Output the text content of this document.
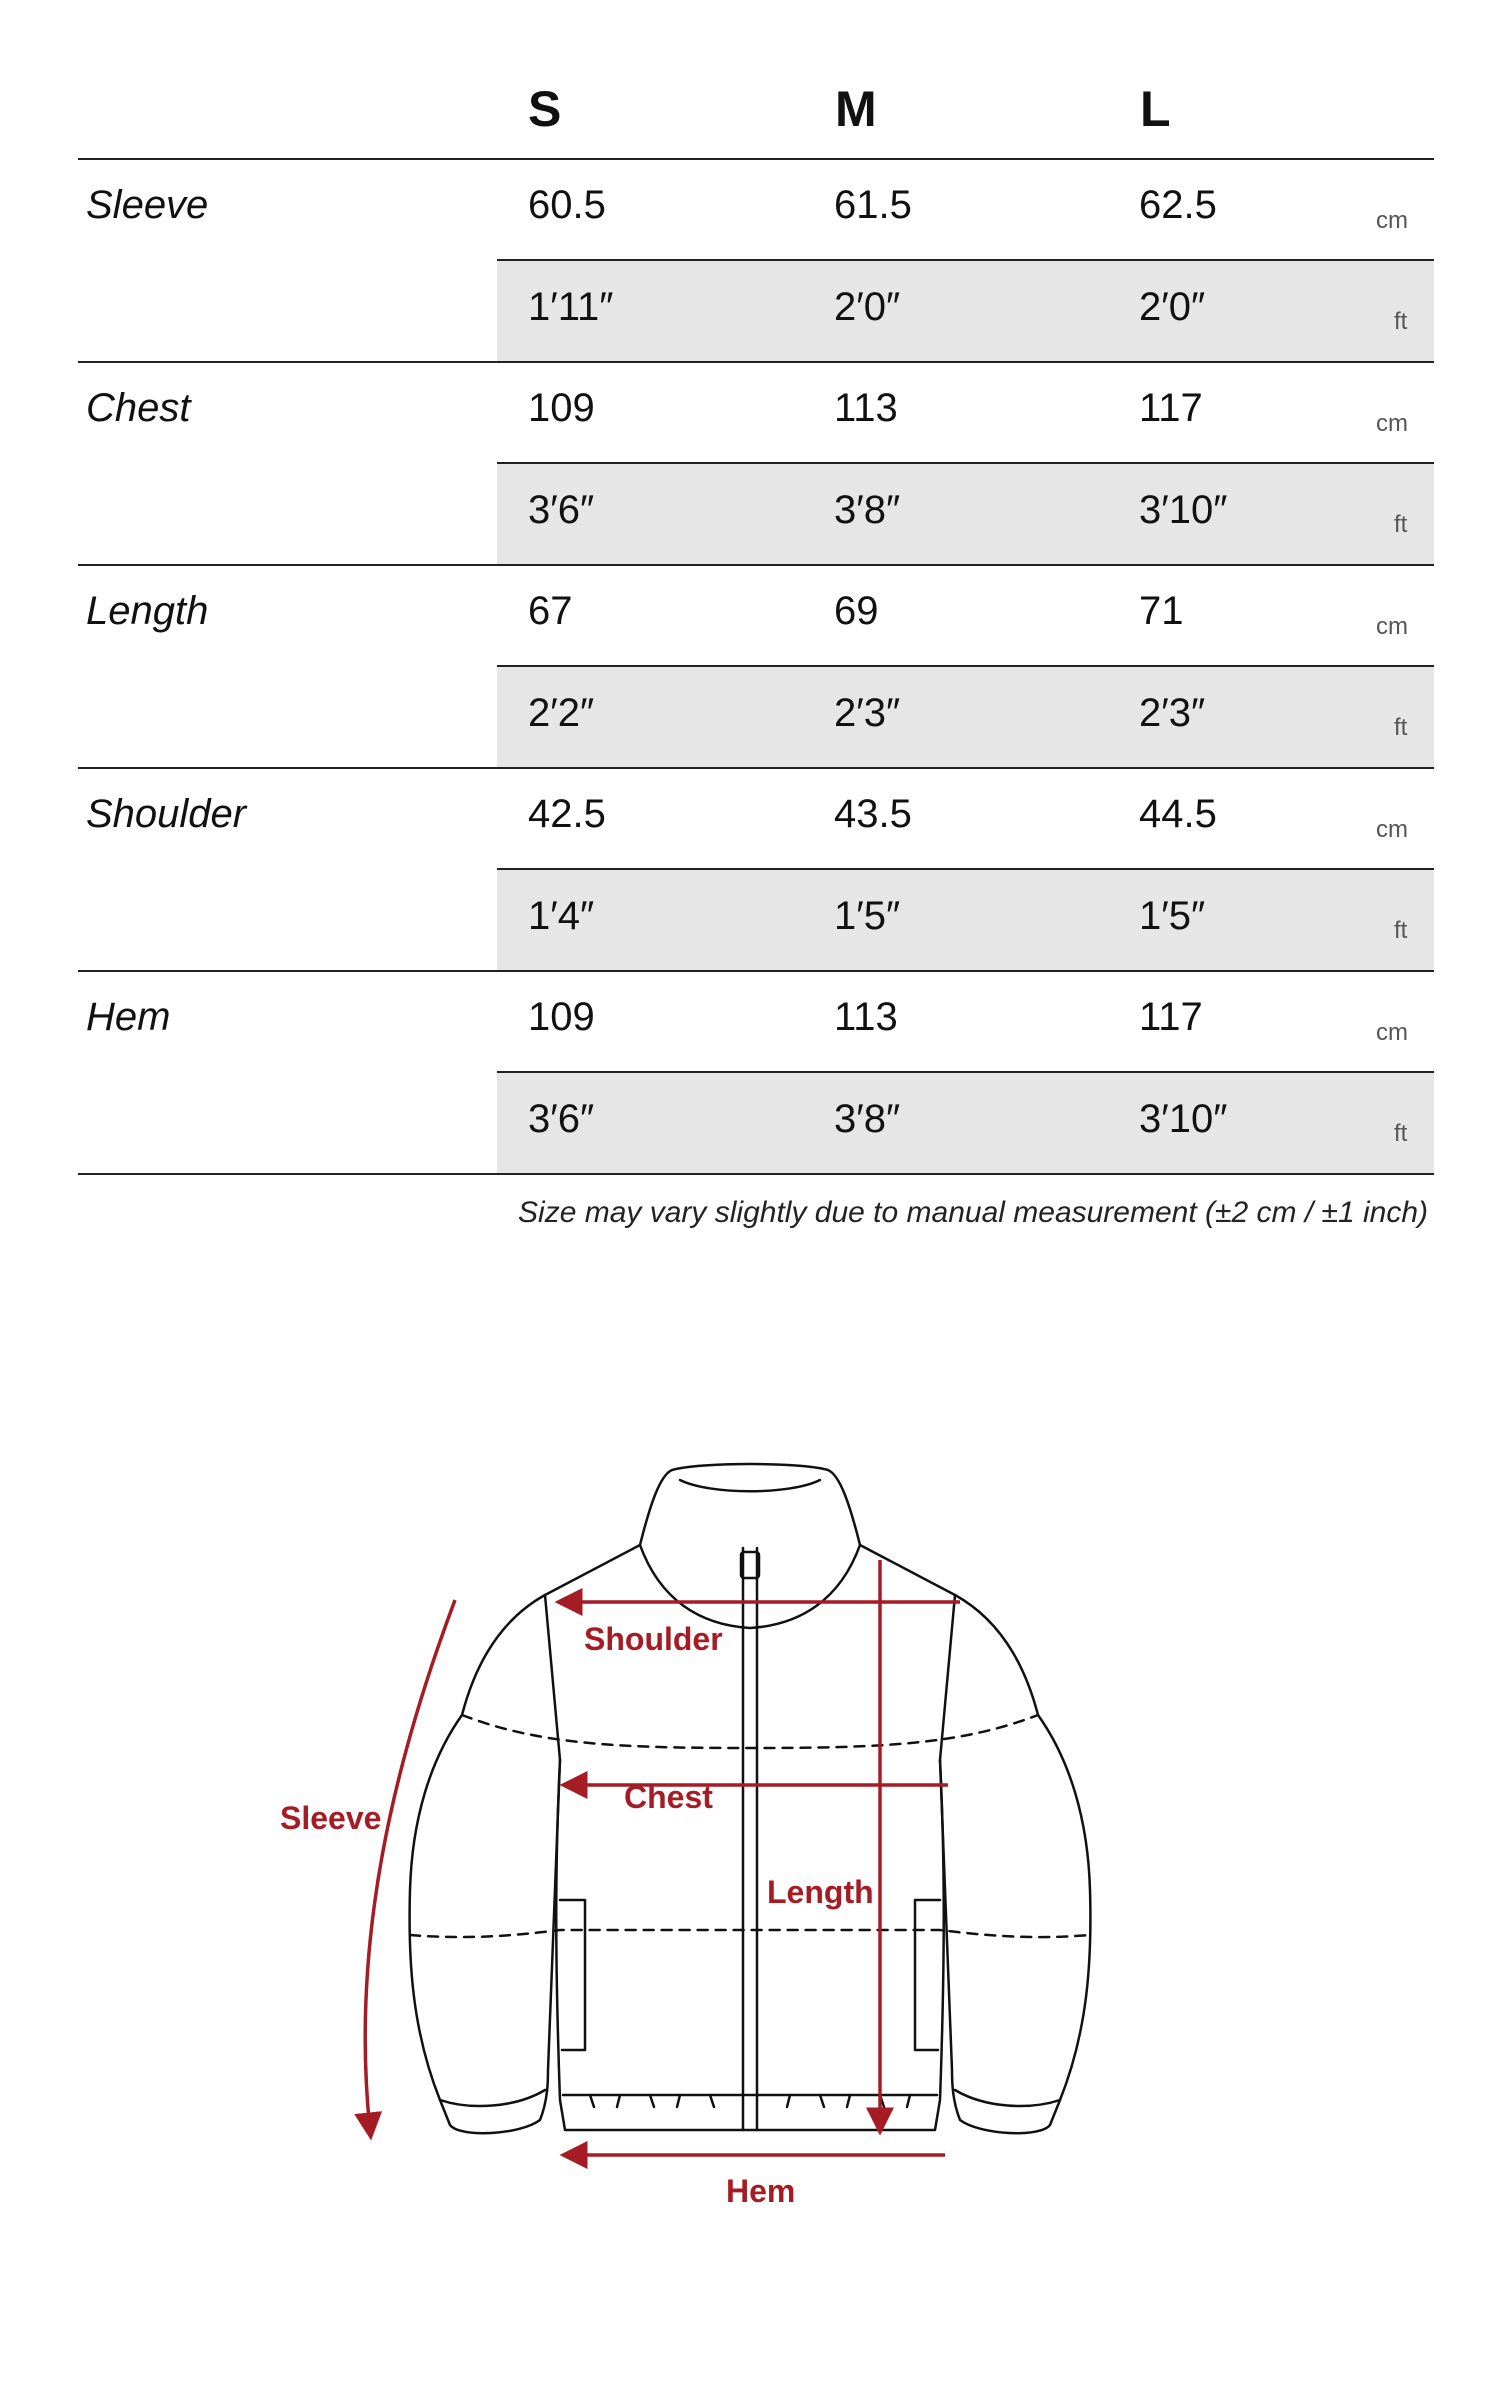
S	M	L
Sleeve	60.5	61.5	62.5	cm
1′11″	2′0″	2′0″	ft
Chest	109	113	117	cm
3′6″	3′8″	3′10″	ft
Length	67	69	71	cm
2′2″	2′3″	2′3″	ft
Shoulder	42.5	43.5	44.5	cm
1′4″	1′5″	1′5″	ft
Hem	109	113	117	cm
3′6″	3′8″	3′10″	ft
Size may vary slightly due to manual measurement (±2 cm / ±1 inch)
Shoulder
Chest
Length
Sleeve
Hem
